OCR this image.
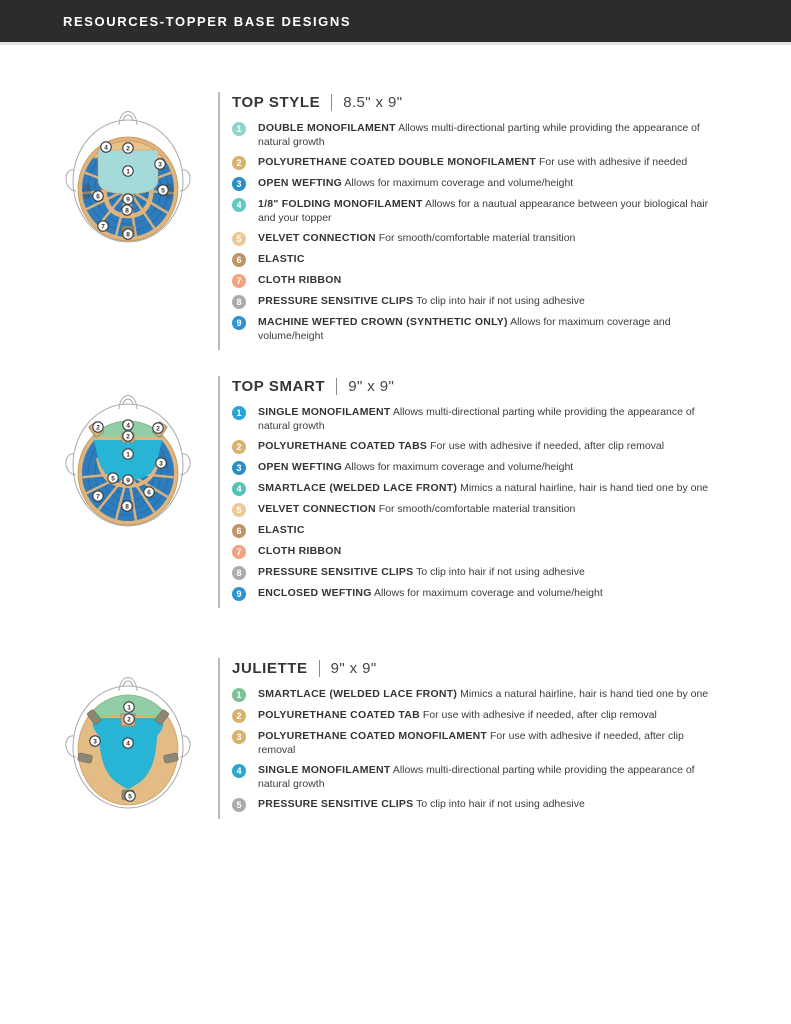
RESOURCES-TOPPER BASE DESIGNS
4	2
1
3
5
6	9
8
7
8
TOP STYLE 8.5" x 9"
1	DOUBLE MONOFILAMENT Allows multi-directional parting while providing the appearance of natural growth
2	POLYURETHANE COATED DOUBLE MONOFILAMENT For use with adhesive if needed
3	OPEN WEFTING Allows for maximum coverage and volume/height
4	1/8" FOLDING MONOFILAMENT Allows for a nautual appearance between your biological hair and your topper
5	VELVET CONNECTION For smooth/comfortable material transition
6	ELASTIC
7	CLOTH RIBBON
8	PRESSURE SENSITIVE CLIPS To clip into hair if not using adhesive
9	MACHINE WEFTED CROWN (SYNTHETIC ONLY) Allows for maximum coverage and volume/height
2	4	2
2
1
3
5 9
7
6
8
TOP SMART 9" x 9"
1	SINGLE MONOFILAMENT Allows multi-directional parting while providing the appearance of natural growth
2	POLYURETHANE COATED TABS For use with adhesive if needed, after clip removal
3	OPEN WEFTING Allows for maximum coverage and volume/height
4	SMARTLACE (WELDED LACE FRONT) Mimics a natural hairline, hair is hand tied one by one
5	VELVET CONNECTION For smooth/comfortable material transition
6	ELASTIC
7	CLOTH RIBBON
8	PRESSURE SENSITIVE CLIPS To clip into hair if not using adhesive
9	ENCLOSED WEFTING Allows for maximum coverage and volume/height
1
2
3	4
5
JULIETTE 9" x 9"
1	SMARTLACE (WELDED LACE FRONT) Mimics a natural hairline, hair is hand tied one by one
2	POLYURETHANE COATED TAB For use with adhesive if needed, after clip removal
3	POLYURETHANE COATED MONOFILAMENT For use with adhesive if needed, after clip removal
4	SINGLE MONOFILAMENT Allows multi-directional parting while providing the appearance of natural growth
5	PRESSURE SENSITIVE CLIPS To clip into hair if not using adhesive
